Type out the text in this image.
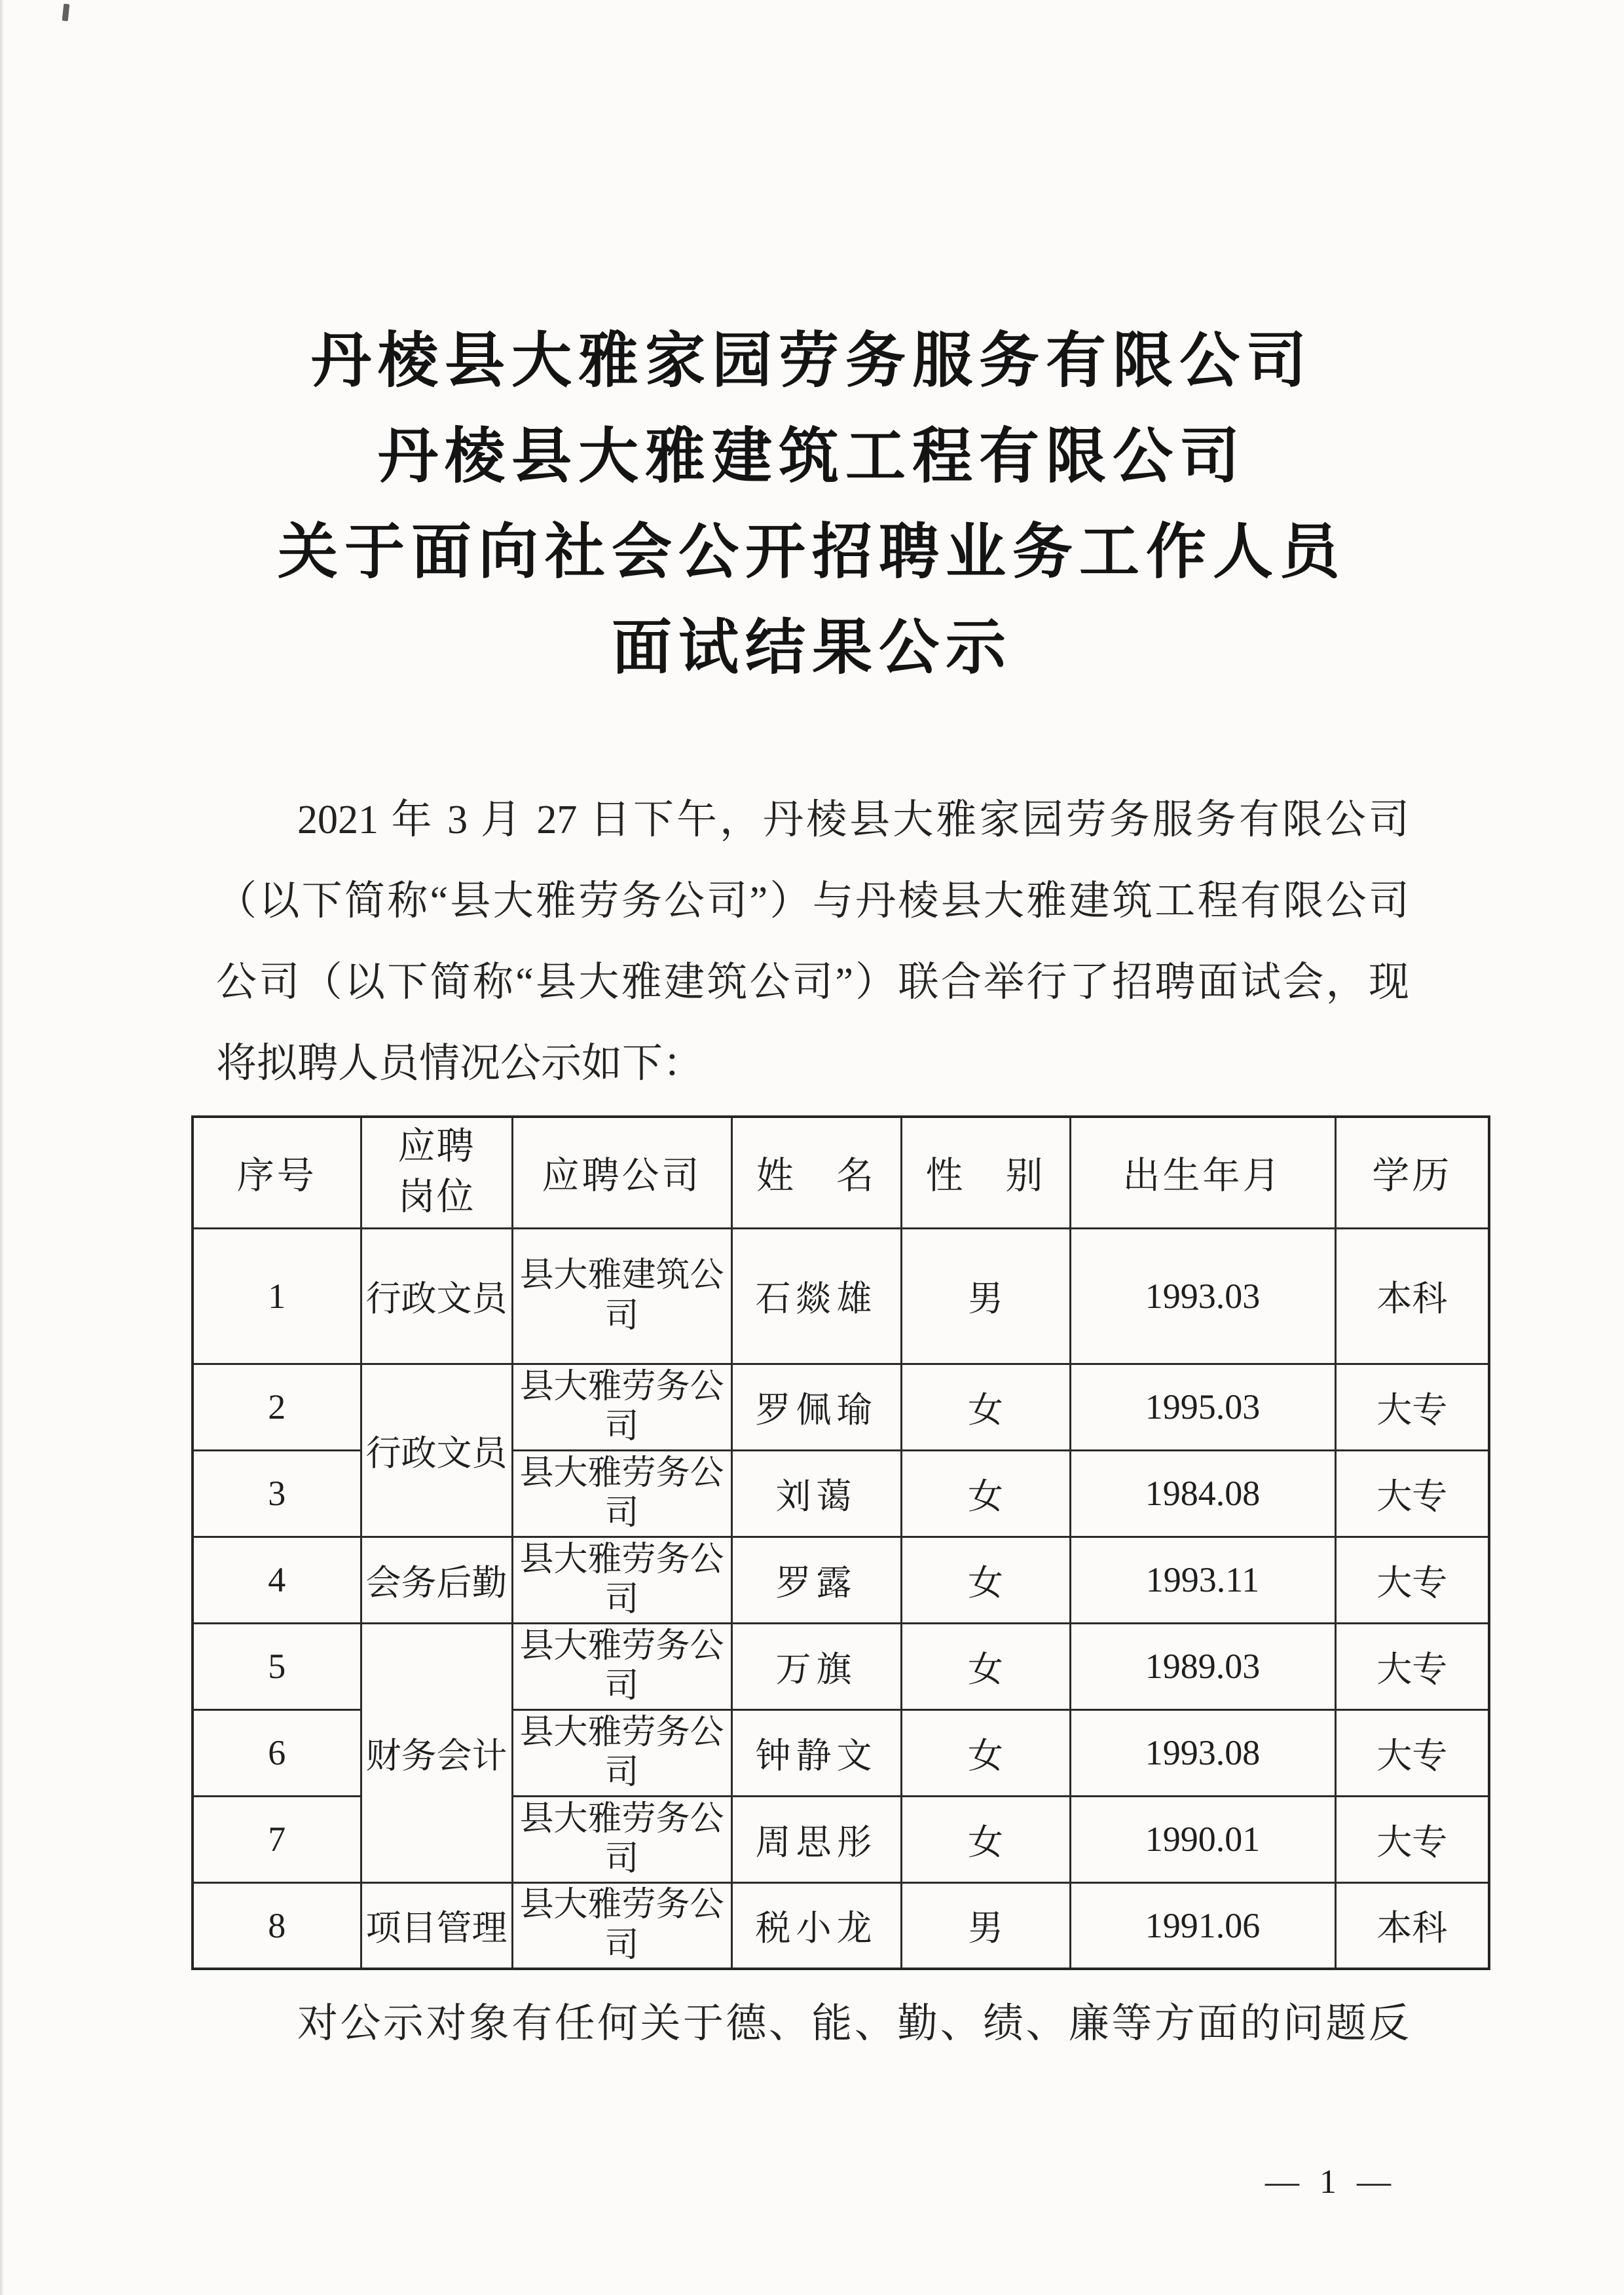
丹棱县大雅家园劳务服务有限公司
丹棱县大雅建筑工程有限公司
关于面向社会公开招聘业务工作人员
面试结果公示
2021 年 3 月 27 日下午，丹棱县大雅家园劳务服务有限公司
（以下简称“县大雅劳务公司”）与丹棱县大雅建筑工程有限公司
公司（以下简称“县大雅建筑公司”）联合举行了招聘面试会，现
将拟聘人员情况公示如下：
序号	应聘岗位	应聘公司	姓　名	性　别	出生年月	学历
1	行政文员	县大雅建筑公司	石燚雄	男	1993.03	本科
2	行政文员	县大雅劳务公司	罗佩瑜	女	1995.03	大专
3		县大雅劳务公司	刘蔼	女	1984.08	大专
4	会务后勤	县大雅劳务公司	罗露	女	1993.11	大专
5	财务会计	县大雅劳务公司	万旗	女	1989.03	大专
6		县大雅劳务公司	钟静文	女	1993.08	大专
7		县大雅劳务公司	周思彤	女	1990.01	大专
8	项目管理	县大雅劳务公司	税小龙	男	1991.06	本科
对公示对象有任何关于德、能、勤、绩、廉等方面的问题反
— 1 —
